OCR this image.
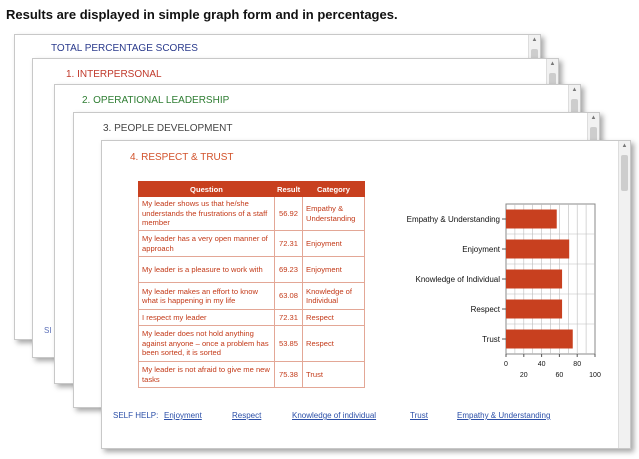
Results are displayed in simple graph form and in percentages.
▲
TOTAL PERCENTAGE SCORES
▲
1. INTERPERSONAL
▲
2. OPERATIONAL LEADERSHIP
▲
3. PEOPLE DEVELOPMENT
▲
4. RESPECT & TRUST
SI
Question	Result	Category
My leader shows us that he/she understands the frustrations of a staff member	56.92	Empathy & Understanding
My leader has a very open manner of approach	72.31	Enjoyment
My leader is a pleasure to work with	69.23	Enjoyment
My leader makes an effort to know what is happening in my life	63.08	Knowledge of Individual
I respect my leader	72.31	Respect
My leader does not hold anything against anyone – once a problem has been sorted, it is sorted	53.85	Respect
My leader is not afraid to give me new tasks	75.38	Trust
Empathy & Understanding
Enjoyment
Knowledge of Individual
Respect
Trust
0	40	80
20	60	100
SELF HELP: Enjoyment	Respect	Knowledge of individual	Trust	Empathy & Understanding
